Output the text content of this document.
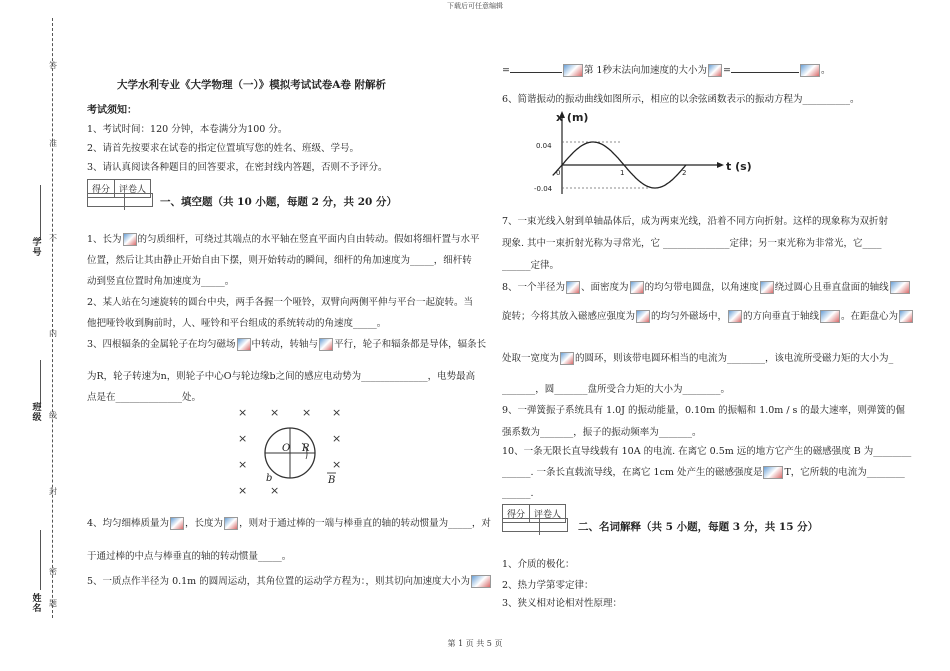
下载后可任意编辑
第 1 页 共 5 页
答
准
不
内
线
封
密
题
学号
班级
姓名
大学水利专业《大学物理（一）》模拟考试试卷A卷 附解析
考试须知：
1、考试时间：120 分钟，本卷满分为100 分。
2、请首先按要求在试卷的指定位置填写您的姓名、班级、学号。
3、请认真阅读各种题目的回答要求，在密封线内答题，否则不予评分。
得分	评卷人
一、填空题（共 10 小题，每题 2 分，共 20 分）
1、长为 的匀质细杆，可绕过其端点的水平轴在竖直平面内自由转动。假如将细杆置与水平
位置，然后让其由静止开始自由下摆，则开始转动的瞬间，细杆的角加速度为_____，细杆转
动到竖直位置时角加速度为_____。
2、某人站在匀速旋转的圆台中央，两手各握一个哑铃，双臂向两侧平伸与平台一起旋转。当
他把哑铃收到胸前时，人、哑铃和平台组成的系统转动的角速度_____。
3、四根辐条的金属轮子在均匀磁场 中转动，转轴与 平行，轮子和辐条都是导体，辐条长
为R，轮子转速为n，则轮子中心O与轮边缘b之间的感应电动势为______________，电势最高
点是在______________处。
× × × ×
×	×
×	×
× ×
O R
b	B
4、均匀细棒质量为 ，长度为 ，则对于通过棒的一端与棒垂直的轴的转动惯量为_____，对
于通过棒的中点与棒垂直的轴的转动惯量_____。
5、一质点作半径为 0.1m 的圆周运动，其角位置的运动学方程为：，则其切向加速度大小为
=	第 1秒末法向加速度的大小为 =	。
6、简谐振动的振动曲线如图所示，相应的以余弦函数表示的振动方程为__________。
x (m)
t (s)
0.04
-0.04
0	1	2
7、一束光线入射到单轴晶体后，成为两束光线，沿着不同方向折射。这样的现象称为双折射
现象. 其中一束折射光称为寻常光，它 ______________定律；另一束光称为非常光，它____
______定律。
8、一个半径为 、面密度为 的均匀带电圆盘，以角速度 绕过圆心且垂直盘面的轴线
旋转；今将其放入磁感应强度为 的均匀外磁场中， 的方向垂直于轴线 。在距盘心为
处取一宽度为 的圆环，则该带电圆环相当的电流为________，该电流所受磁力矩的大小为_
_______，圆_______盘所受合力矩的大小为________。
9、一弹簧振子系统具有 1.0J 的振动能量，0.10m 的振幅和 1.0m / s 的最大速率，则弹簧的倔
强系数为_______，振子的振动频率为_______。
10、一条无限长直导线载有 10A 的电流. 在离它 0.5m 远的地方它产生的磁感强度 B 为________
______. 一条长直载流导线，在离它 1cm 处产生的磁感强度是 T，它所载的电流为________
______.
得分	评卷人
二、名词解释（共 5 小题，每题 3 分，共 15 分）
1、介质的极化：
2、热力学第零定律：
3、狭义相对论相对性原理：
